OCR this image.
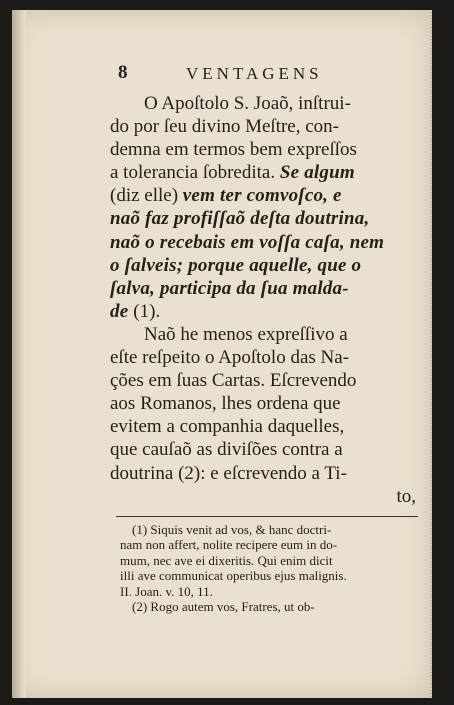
8	VENTAGENS
O Apoſtolo S. Joaõ, inſtrui-
do por ſeu divino Meſtre, con-
demna em termos bem expreſſos
a tolerancia ſobredita. Se algum
(diz elle) vem ter comvoſco, e
naõ faz profiſſaõ deſta doutrina,
naõ o recebais em voſſa caſa, nem
o ſalveis; porque aquelle, que o
ſalva, participa da ſua malda-
de (1).
Naõ he menos expreſſivo a
eſte reſpeito o Apoſtolo das Na-
ções em ſuas Cartas. Eſcrevendo
aos Romanos, lhes ordena que
evitem a companhia daquelles,
que cauſaõ as diviſões contra a
doutrina (2): e eſcrevendo a Ti-
to,
(1) Siquis venit ad vos, & hanc doctri-
nam non affert, nolite recipere eum in do-
mum, nec ave ei dixeritis. Qui enim dicit
illi ave communicat operibus ejus malignis.
II. Joan. v. 10, 11.
(2) Rogo autem vos, Fratres, ut ob-
